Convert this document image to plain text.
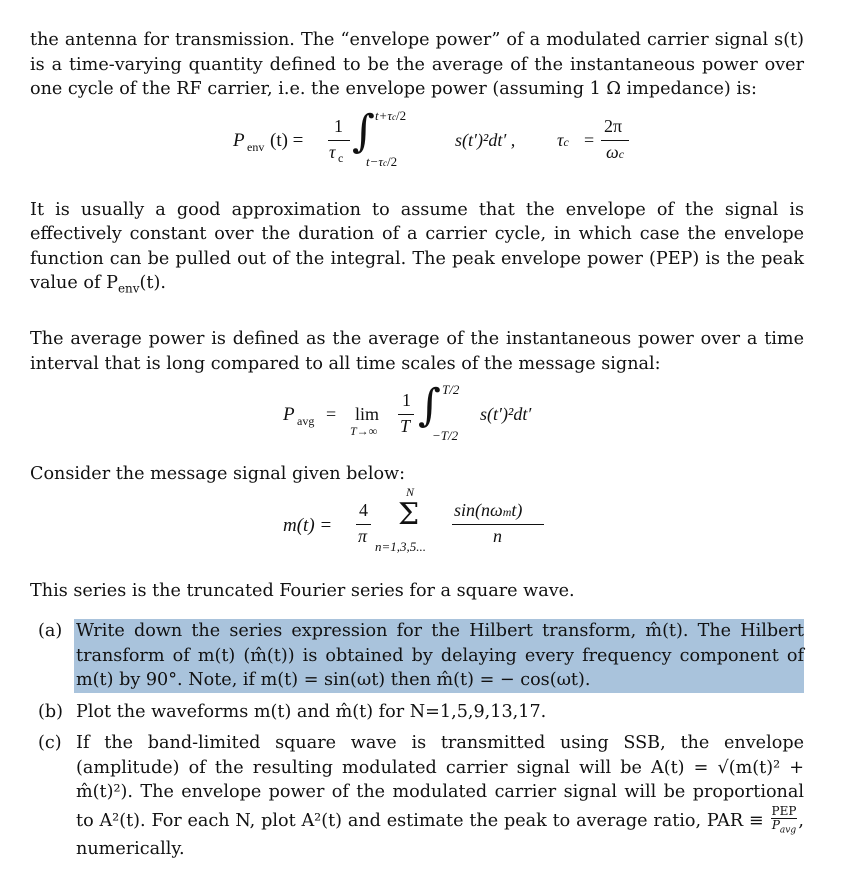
the antenna for transmission. The “envelope power” of a modulated carrier signal s(t) is a time-varying quantity defined to be the average of the instantaneous power over one cycle of the RF carrier, i.e. the envelope power (assuming 1 Ω impedance) is:

P env (t) =
1
τ c
∫ t+τc/2
t−τc/2
s(t′)²dt′ , τc =
2π
ωc

It is usually a good approximation to assume that the envelope of the signal is effectively constant over the duration of a carrier cycle, in which case the envelope function can be pulled out of the integral. The peak envelope power (PEP) is the peak value of $P_{env}(t)$.

The average power is defined as the average of the instantaneous power over a time interval that is long compared to all time scales of the message signal:

P avg = lim
T→∞
1
T ∫ T/2
−T/2
s(t′)²dt′

Consider the message signal given below:

m(t) =
4
π
N
Σ
n=1,3,5...
sin(nωmt)
n

This series is the truncated Fourier series for a square wave.

(a) Write down the series expression for the Hilbert transform, m̂(t). The Hilbert transform of m(t) (m̂(t)) is obtained by delaying every frequency component of m(t) by 90°. Note, if m(t) = sin(ωt) then m̂(t) = − cos(ωt).
(b) Plot the waveforms m(t) and m̂(t) for N=1,5,9,13,17.
(c) If the band-limited square wave is transmitted using SSB, the envelope (amplitude) of the resulting modulated carrier signal will be A(t) = √(m(t)² + m̂(t)²). The envelope power of the modulated carrier signal will be proportional to A²(t). For each N, plot A²(t) and estimate the peak to average ratio, PAR ≡
PEP
$P_{avg}$ , numerically.
